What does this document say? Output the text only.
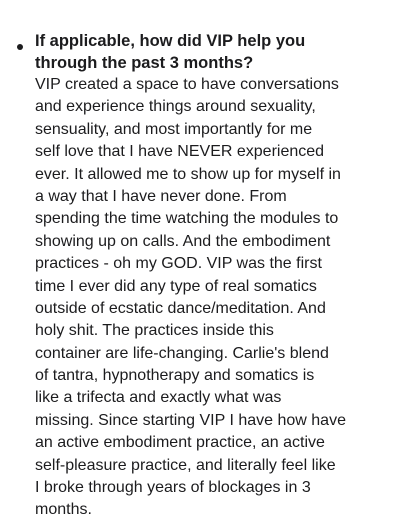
If applicable, how did VIP help you
through the past 3 months?

VIP created a space to have conversations
and experience things around sexuality,
sensuality, and most importantly for me
self love that I have NEVER experienced
ever. It allowed me to show up for myself in
a way that I have never done. From
spending the time watching the modules to
showing up on calls. And the embodiment
practices - oh my GOD. VIP was the first
time I ever did any type of real somatics
outside of ecstatic dance/meditation. And
holy shit. The practices inside this
container are life-changing. Carlie's blend
of tantra, hypnotherapy and somatics is
like a trifecta and exactly what was
missing. Since starting VIP I have how have
an active embodiment practice, an active
self-pleasure practice, and literally feel like
I broke through years of blockages in 3
months.
